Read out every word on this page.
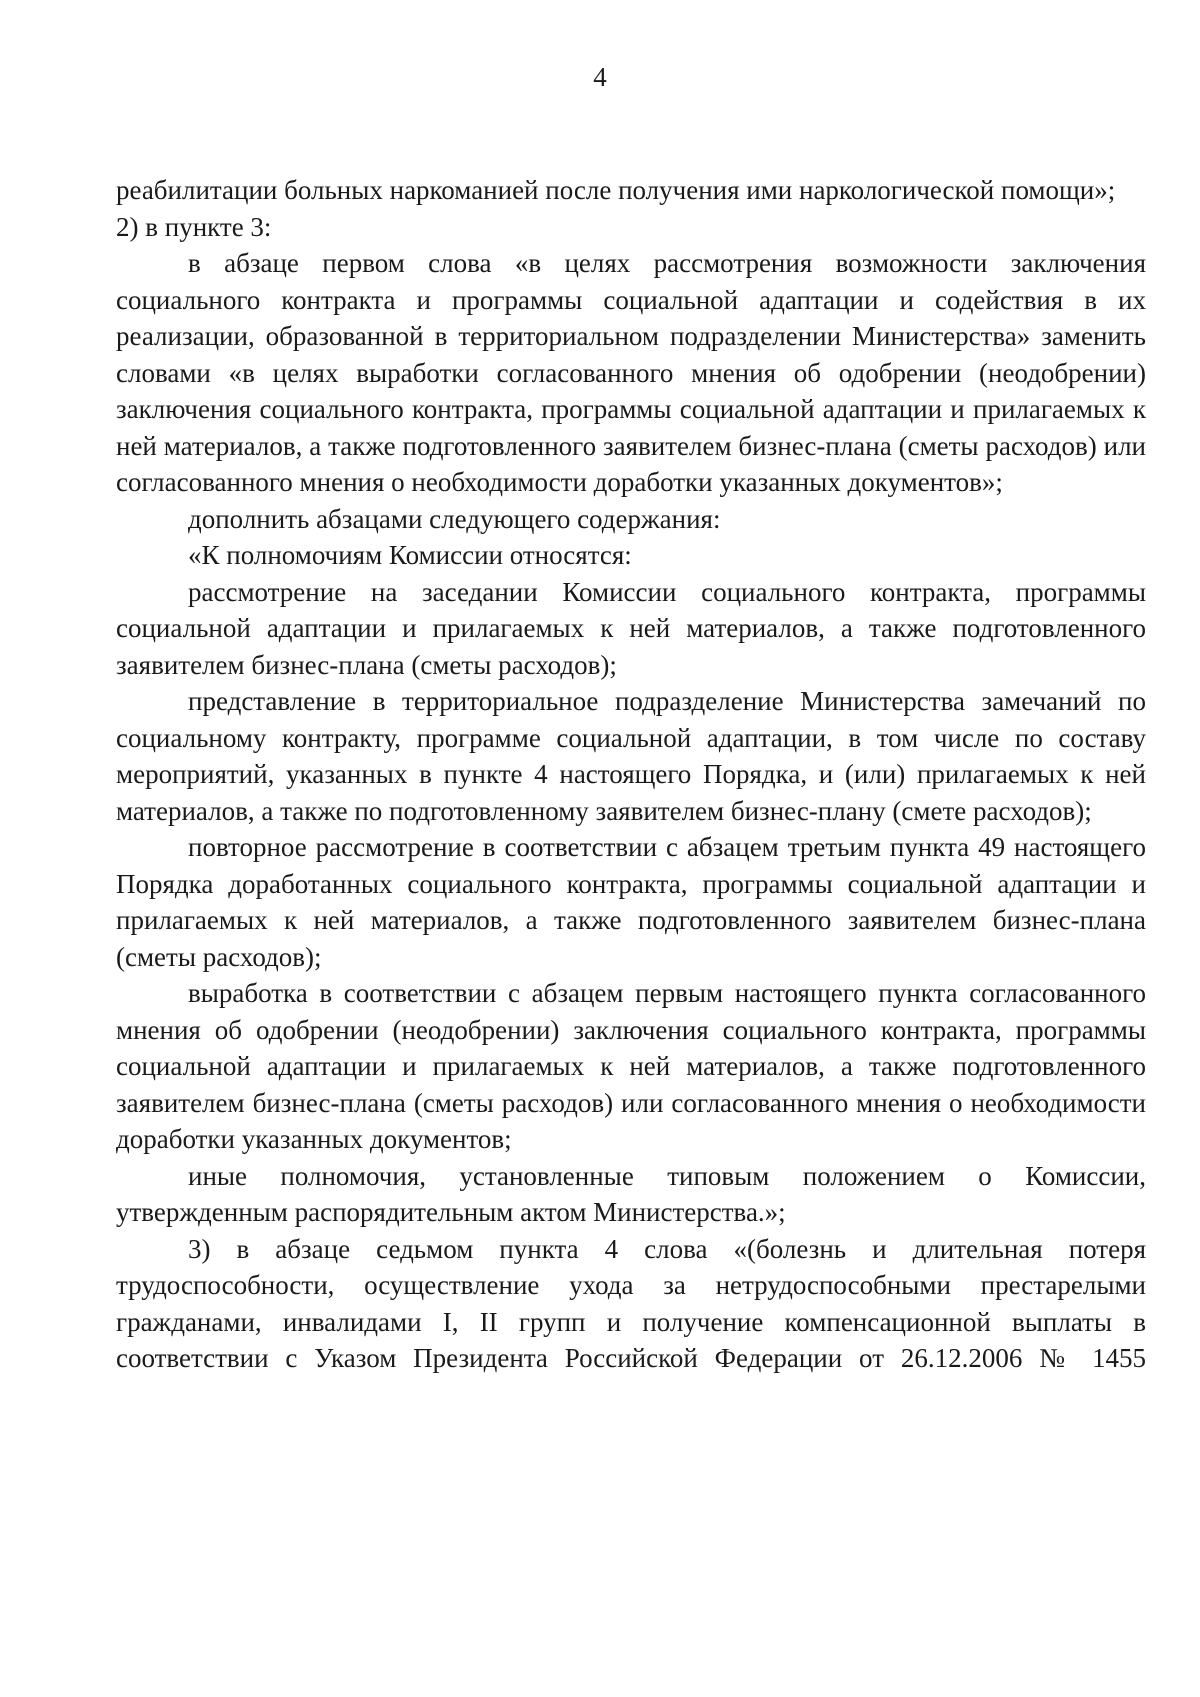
4

реабилитации больных наркоманией после получения ими наркологической помощи»;

2) в пункте 3:

в абзаце первом слова «в целях рассмотрения возможности заключения социального контракта и программы социальной адаптации и содействия в их реализации, образованной в территориальном подразделении Министерства» заменить словами «в целях выработки согласованного мнения об одобрении (неодобрении) заключения социального контракта, программы социальной адаптации и прилагаемых к ней материалов, а также подготовленного заявителем бизнес-плана (сметы расходов) или согласованного мнения о необходимости доработки указанных документов»;

дополнить абзацами следующего содержания:

«К полномочиям Комиссии относятся:

рассмотрение на заседании Комиссии социального контракта, программы социальной адаптации и прилагаемых к ней материалов, а также подготовленного заявителем бизнес-плана (сметы расходов);

представление в территориальное подразделение Министерства замечаний по социальному контракту, программе социальной адаптации, в том числе по составу мероприятий, указанных в пункте 4 настоящего Порядка, и (или) прилагаемых к ней материалов, а также по подготовленному заявителем бизнес-плану (смете расходов);

повторное рассмотрение в соответствии с абзацем третьим пункта 49 настоящего Порядка доработанных социального контракта, программы социальной адаптации и прилагаемых к ней материалов, а также подготовленного заявителем бизнес-плана (сметы расходов);

выработка в соответствии с абзацем первым настоящего пункта согласованного мнения об одобрении (неодобрении) заключения социального контракта, программы социальной адаптации и прилагаемых к ней материалов, а также подготовленного заявителем бизнес-плана (сметы расходов) или согласованного мнения о необходимости доработки указанных документов;

иные полномочия, установленные типовым положением о Комиссии, утвержденным распорядительным актом Министерства.»;

3) в абзаце седьмом пункта 4 слова «(болезнь и длительная потеря трудоспособности, осуществление ухода за нетрудоспособными престарелыми гражданами, инвалидами I, II групп и получение компенсационной выплаты в соответствии с Указом Президента Российской Федерации от 26.12.2006 № 1455
